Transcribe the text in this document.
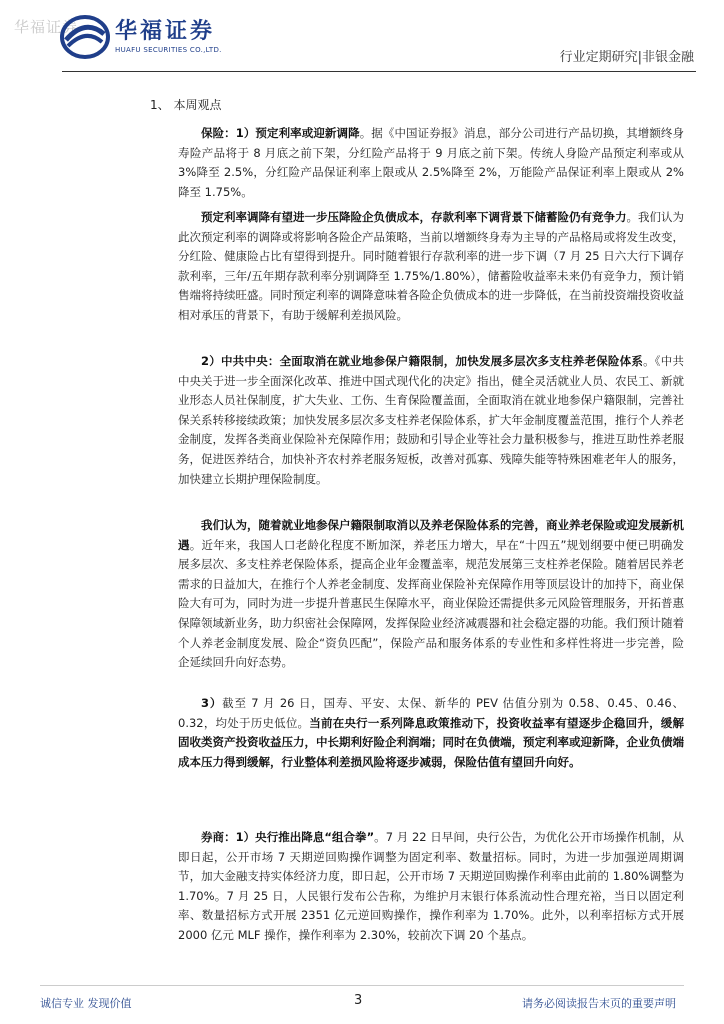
华福证券 华福证券
HUAFU SECURITIES CO.,LTD.	行业定期研究|非银金融
1、 本周观点

保险：1）预定利率或迎新调降。据《中国证券报》消息，部分公司进行产品切换，其增额终身寿险产品将于 8 月底之前下架，分红险产品将于 9 月底之前下架。传统人身险产品预定利率或从 3%降至 2.5%，分红险产品保证利率上限或从 2.5%降至 2%，万能险产品保证利率上限或从 2%降至 1.75%。

预定利率调降有望进一步压降险企负债成本，存款利率下调背景下储蓄险仍有竞争力。我们认为此次预定利率的调降或将影响各险企产品策略，当前以增额终身寿为主导的产品格局或将发生改变，分红险、健康险占比有望得到提升。同时随着银行存款利率的进一步下调（7 月 25 日六大行下调存款利率，三年/五年期存款利率分别调降至 1.75%/1.80%），储蓄险收益率未来仍有竞争力，预计销售端将持续旺盛。同时预定利率的调降意味着各险企负债成本的进一步降低，在当前投资端投资收益相对承压的背景下，有助于缓解利差损风险。

2）中共中央：全面取消在就业地参保户籍限制，加快发展多层次多支柱养老保险体系。《中共中央关于进一步全面深化改革、推进中国式现代化的决定》指出，健全灵活就业人员、农民工、新就业形态人员社保制度，扩大失业、工伤、生育保险覆盖面，全面取消在就业地参保户籍限制，完善社保关系转移接续政策；加快发展多层次多支柱养老保险体系，扩大年金制度覆盖范围，推行个人养老金制度，发挥各类商业保险补充保障作用；鼓励和引导企业等社会力量积极参与，推进互助性养老服务，促进医养结合，加快补齐农村养老服务短板，改善对孤寡、残障失能等特殊困难老年人的服务，加快建立长期护理保险制度。

我们认为，随着就业地参保户籍限制取消以及养老保险体系的完善，商业养老保险或迎发展新机遇。近年来，我国人口老龄化程度不断加深，养老压力增大，早在“十四五”规划纲要中便已明确发展多层次、多支柱养老保险体系，提高企业年金覆盖率，规范发展第三支柱养老保险。随着居民养老需求的日益加大，在推行个人养老金制度、发挥商业保险补充保障作用等顶层设计的加持下，商业保险大有可为，同时为进一步提升普惠民生保障水平，商业保险还需提供多元风险管理服务，开拓普惠保障领域新业务，助力织密社会保障网，发挥保险业经济减震器和社会稳定器的功能。我们预计随着个人养老金制度发展、险企“资负匹配”，保险产品和服务体系的专业性和多样性将进一步完善，险企延续回升向好态势。

3）截至 7 月 26 日，国寿、平安、太保、新华的 PEV 估值分别为 0.58、0.45、0.46、0.32，均处于历史低位。当前在央行一系列降息政策推动下，投资收益率有望逐步企稳回升，缓解固收类资产投资收益压力，中长期利好险企利润端；同时在负债端，预定利率或迎新降，企业负债端成本压力得到缓解，行业整体利差损风险将逐步减弱，保险估值有望回升向好。

券商：1）央行推出降息“组合拳”。7 月 22 日早间，央行公告，为优化公开市场操作机制，从即日起，公开市场 7 天期逆回购操作调整为固定利率、数量招标。同时，为进一步加强逆周期调节，加大金融支持实体经济力度，即日起，公开市场 7 天期逆回购操作利率由此前的 1.80%调整为 1.70%。7 月 25 日，人民银行发布公告称，为维护月末银行体系流动性合理充裕，当日以固定利率、数量招标方式开展 2351 亿元逆回购操作，操作利率为 1.70%。此外，以利率招标方式开展 2000 亿元 MLF 操作，操作利率为 2.30%，较前次下调 20 个基点。

诚信专业 发现价值	3	请务必阅读报告末页的重要声明
